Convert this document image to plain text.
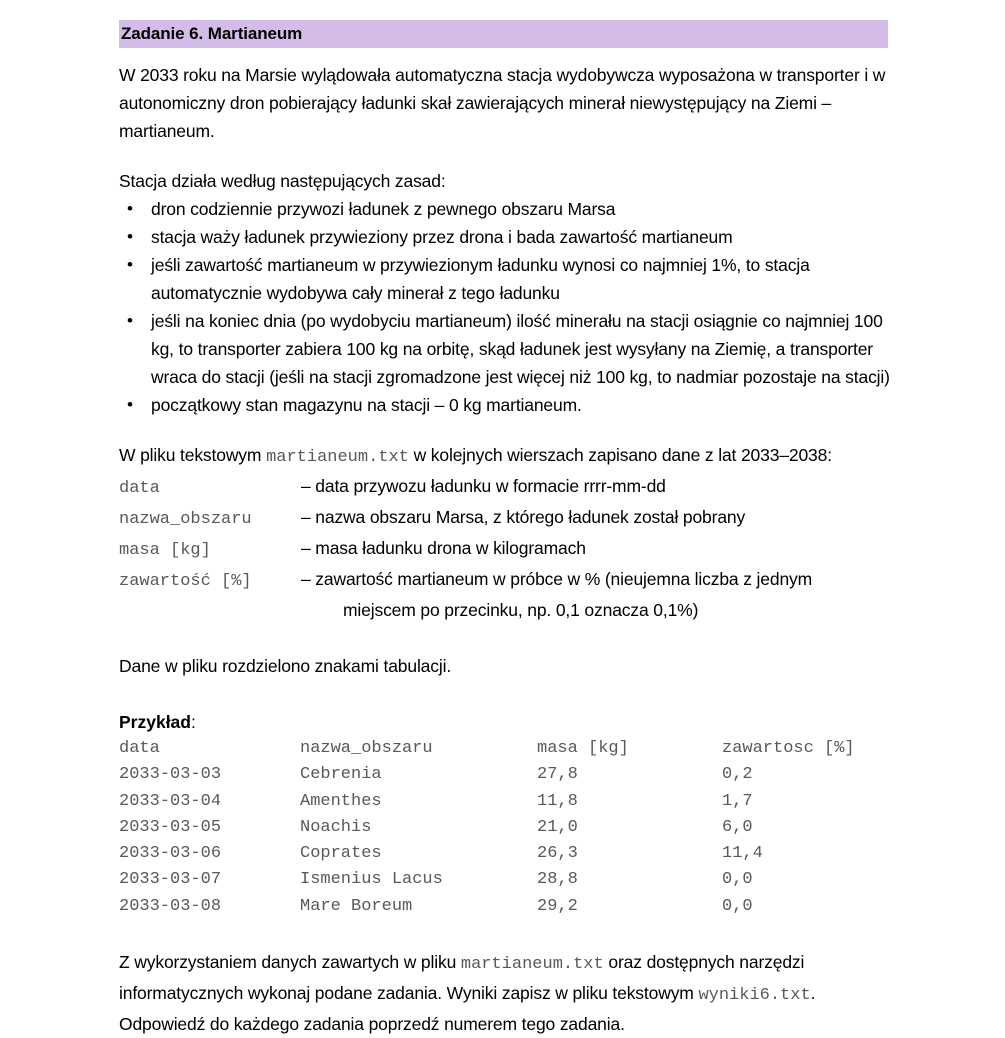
Zadanie 6. Martianeum
W 2033 roku na Marsie wylądowała automatyczna stacja wydobywcza wyposażona w transporter i w autonomiczny dron pobierający ładunki skał zawierających minerał niewystępujący na Ziemi – martianeum.
Stacja działa według następujących zasad:
• dron codziennie przywozi ładunek z pewnego obszaru Marsa
• stacja waży ładunek przywieziony przez drona i bada zawartość martianeum
• jeśli zawartość martianeum w przywiezionym ładunku wynosi co najmniej 1%, to stacja automatycznie wydobywa cały minerał z tego ładunku
• jeśli na koniec dnia (po wydobyciu martianeum) ilość minerału na stacji osiągnie co najmniej 100 kg, to transporter zabiera 100 kg na orbitę, skąd ładunek jest wysyłany na Ziemię, a transporter wraca do stacji (jeśli na stacji zgromadzone jest więcej niż 100 kg, to nadmiar pozostaje na stacji)
• początkowy stan magazynu na stacji – 0 kg martianeum.
W pliku tekstowym martianeum.txt w kolejnych wierszach zapisano dane z lat 2033–2038:
data	– data przywozu ładunku w formacie rrrr-mm-dd
nazwa_obszaru	– nazwa obszaru Marsa, z którego ładunek został pobrany
masa [kg]	– masa ładunku drona w kilogramach
zawartość [%]	– zawartość martianeum w próbce w % (nieujemna liczba z jednym
miejscem po przecinku, np. 0,1 oznacza 0,1%)
Dane w pliku rozdzielono znakami tabulacji.
Przykład:
data	nazwa_obszaru	masa [kg]	zawartosc [%]
2033-03-03	Cebrenia	27,8	0,2
2033-03-04	Amenthes	11,8	1,7
2033-03-05	Noachis	21,0	6,0
2033-03-06	Coprates	26,3	11,4
2033-03-07	Ismenius Lacus	28,8	0,0
2033-03-08	Mare Boreum	29,2	0,0
Z wykorzystaniem danych zawartych w pliku martianeum.txt oraz dostępnych narzędzi informatycznych wykonaj podane zadania. Wyniki zapisz w pliku tekstowym wyniki6.txt.
Odpowiedź do każdego zadania poprzedź numerem tego zadania.
